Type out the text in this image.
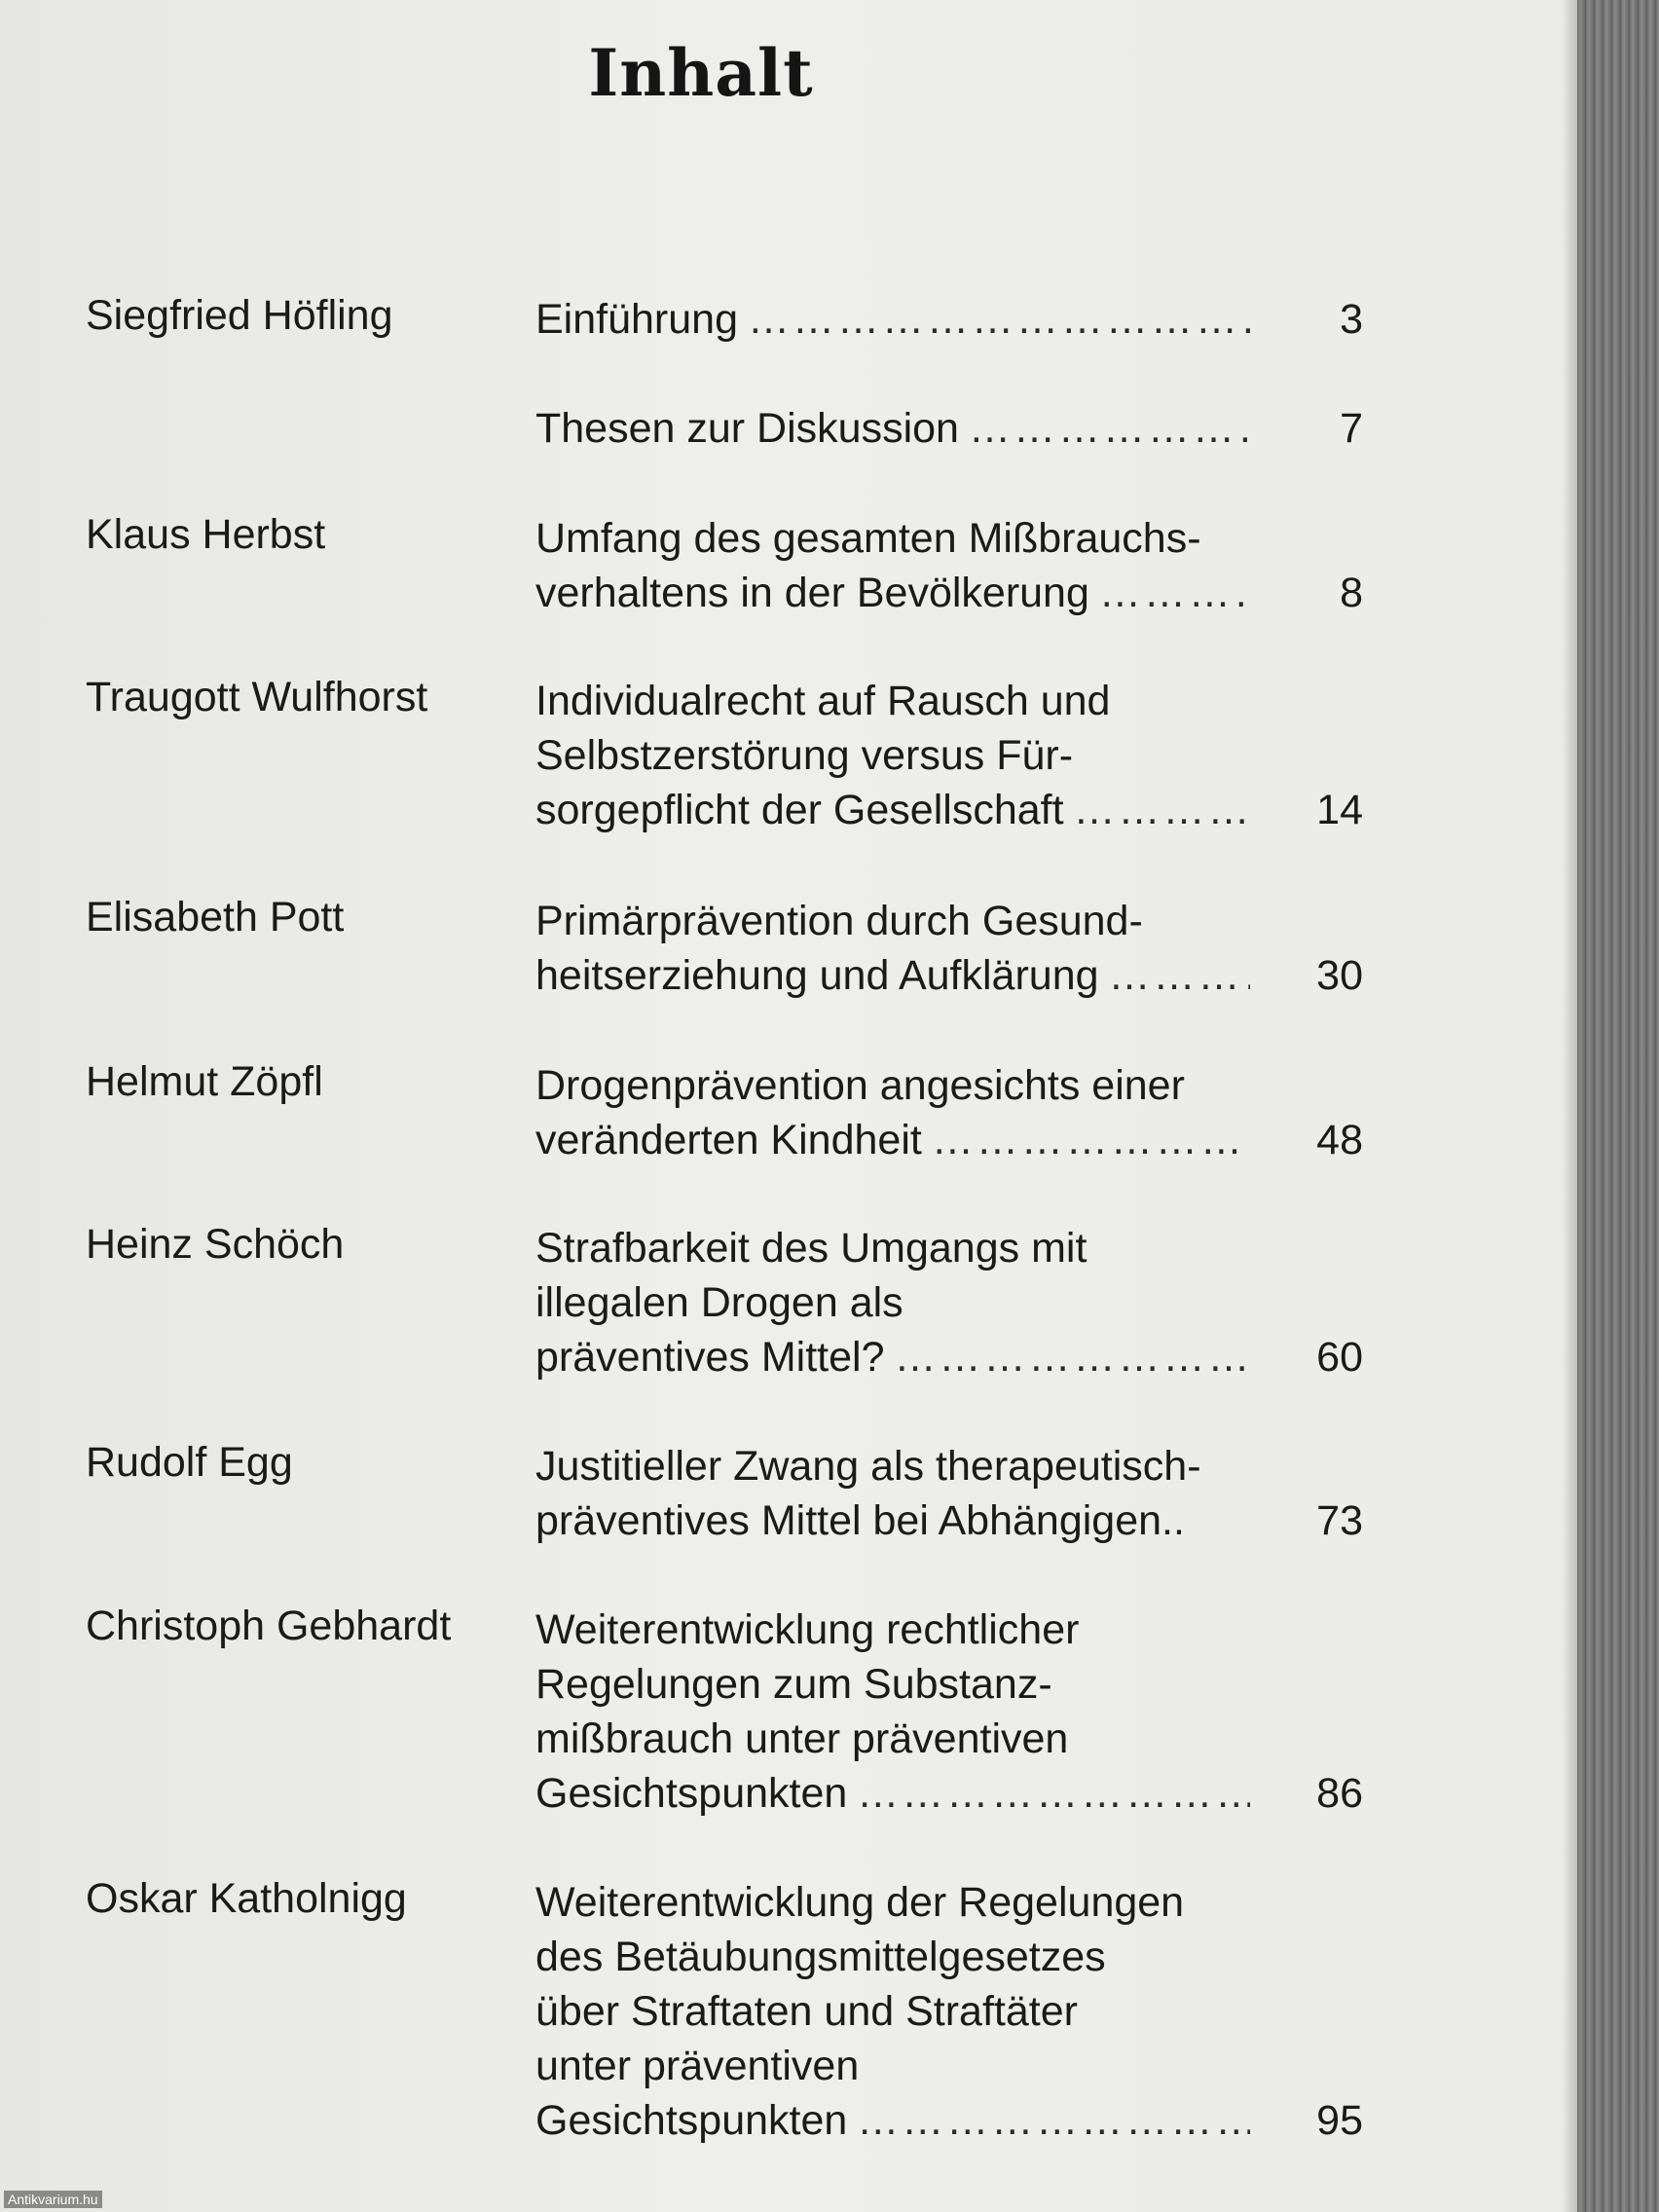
Inhalt
Siegfried Höfling	Einführung …………………………………………………………………………………………	3
Thesen zur Diskussion …………………………………………………………………………………………	7
Klaus Herbst	Umfang des gesamten Mißbrauchs-
verhaltens in der Bevölkerung …………………………………………………………………………………………	8
Traugott Wulfhorst	Individualrecht auf Rausch und
Selbstzerstörung versus Für-
sorgepflicht der Gesellschaft …………………………………………………………………………………………	14
Elisabeth Pott	Primärprävention durch Gesund-
heitserziehung und Aufklärung …………………………………………………………………………………………	30
Helmut Zöpfl	Drogenprävention angesichts einer
veränderten Kindheit …………………………………………………………………………………………	48
Heinz Schöch	Strafbarkeit des Umgangs mit
illegalen Drogen als
präventives Mittel? …………………………………………………………………………………………	60
Rudolf Egg	Justitieller Zwang als therapeutisch-
präventives Mittel bei Abhängigen..	73
Christoph Gebhardt Weiterentwicklung rechtlicher
Regelungen zum Substanz-
mißbrauch unter präventiven
Gesichtspunkten …………………………………………………………………………………………	86
Oskar Katholnigg	Weiterentwicklung der Regelungen
des Betäubungsmittelgesetzes
über Straftaten und Straftäter
unter präventiven
Gesichtspunkten …………………………………………………………………………………………	95
Antikvarium.hu
